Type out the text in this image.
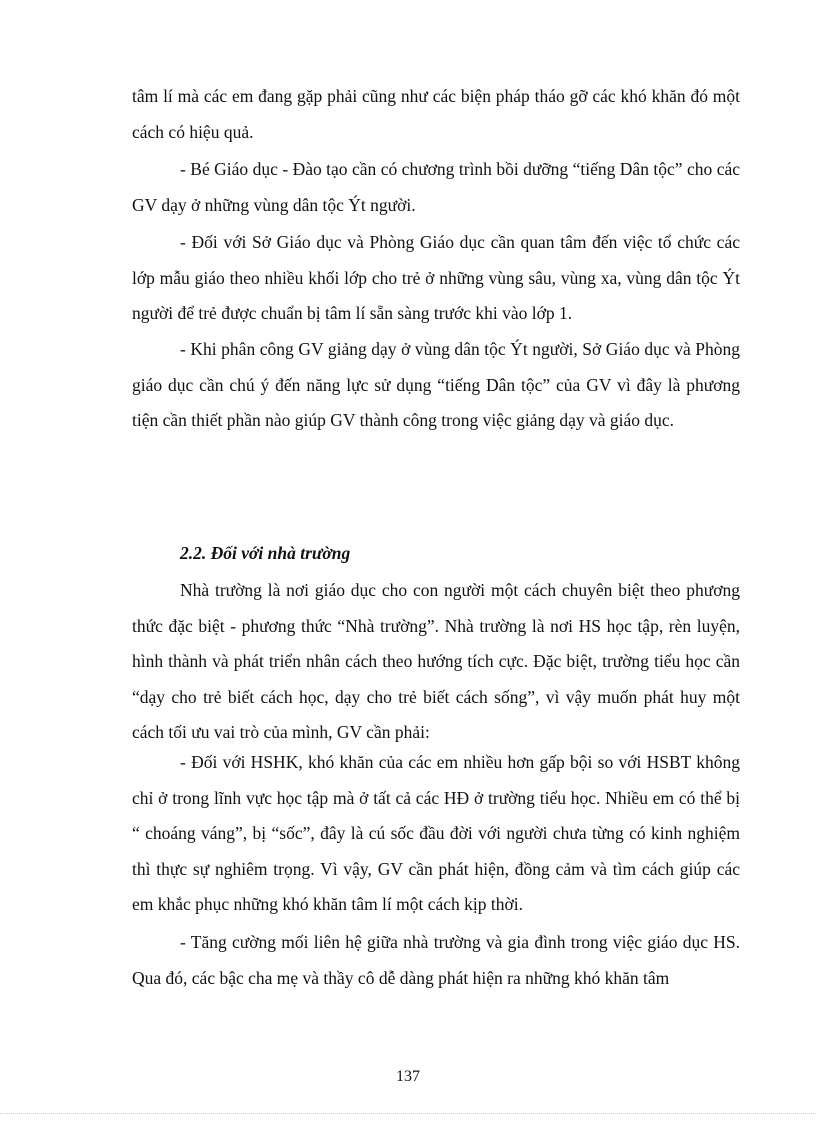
tâm lí mà các em đang gặp phải cũng như các biện pháp tháo gỡ các khó khăn đó một cách có hiệu quả.

- Bé Giáo dục - Đào tạo cần có chương trình bồi dưỡng “tiếng Dân tộc” cho các GV dạy ở những vùng dân tộc Ýt người.

- Đối với Sở Giáo dục và Phòng Giáo dục cần quan tâm đến việc tổ chức các lớp mẫu giáo theo nhiều khối lớp cho trẻ ở những vùng sâu, vùng xa, vùng dân tộc Ýt người để trẻ được chuẩn bị tâm lí sẵn sàng trước khi vào lớp 1.

- Khi phân công GV giảng dạy ở vùng dân tộc Ýt người, Sở Giáo dục và Phòng giáo dục cần chú ý đến năng lực sử dụng “tiếng Dân tộc” của GV vì đây là phương tiện cần thiết phần nào giúp GV thành công trong việc giảng dạy và giáo dục.

2.2. Đối với nhà trường

Nhà trường là nơi giáo dục cho con người một cách chuyên biệt theo phương thức đặc biệt - phương thức “Nhà trường”. Nhà trường là nơi HS học tập, rèn luyện, hình thành và phát triển nhân cách theo hướng tích cực. Đặc biệt, trường tiểu học cần “dạy cho trẻ biết cách học, dạy cho trẻ biết cách sống”, vì vậy muốn phát huy một cách tối ưu vai trò của mình, GV cần phải:

- Đối với HSHK, khó khăn của các em nhiều hơn gấp bội so với HSBT không chỉ ở trong lĩnh vực học tập mà ở tất cả các HĐ ở trường tiểu học. Nhiều em có thể bị “ choáng váng”, bị “sốc”, đây là cú sốc đầu đời với người chưa từng có kinh nghiệm thì thực sự nghiêm trọng. Vì vậy, GV cần phát hiện, đồng cảm và tìm cách giúp các em khắc phục những khó khăn tâm lí một cách kịp thời.

- Tăng cường mối liên hệ giữa nhà trường và gia đình trong việc giáo dục HS. Qua đó, các bậc cha mẹ và thầy cô dễ dàng phát hiện ra những khó khăn tâm

137
